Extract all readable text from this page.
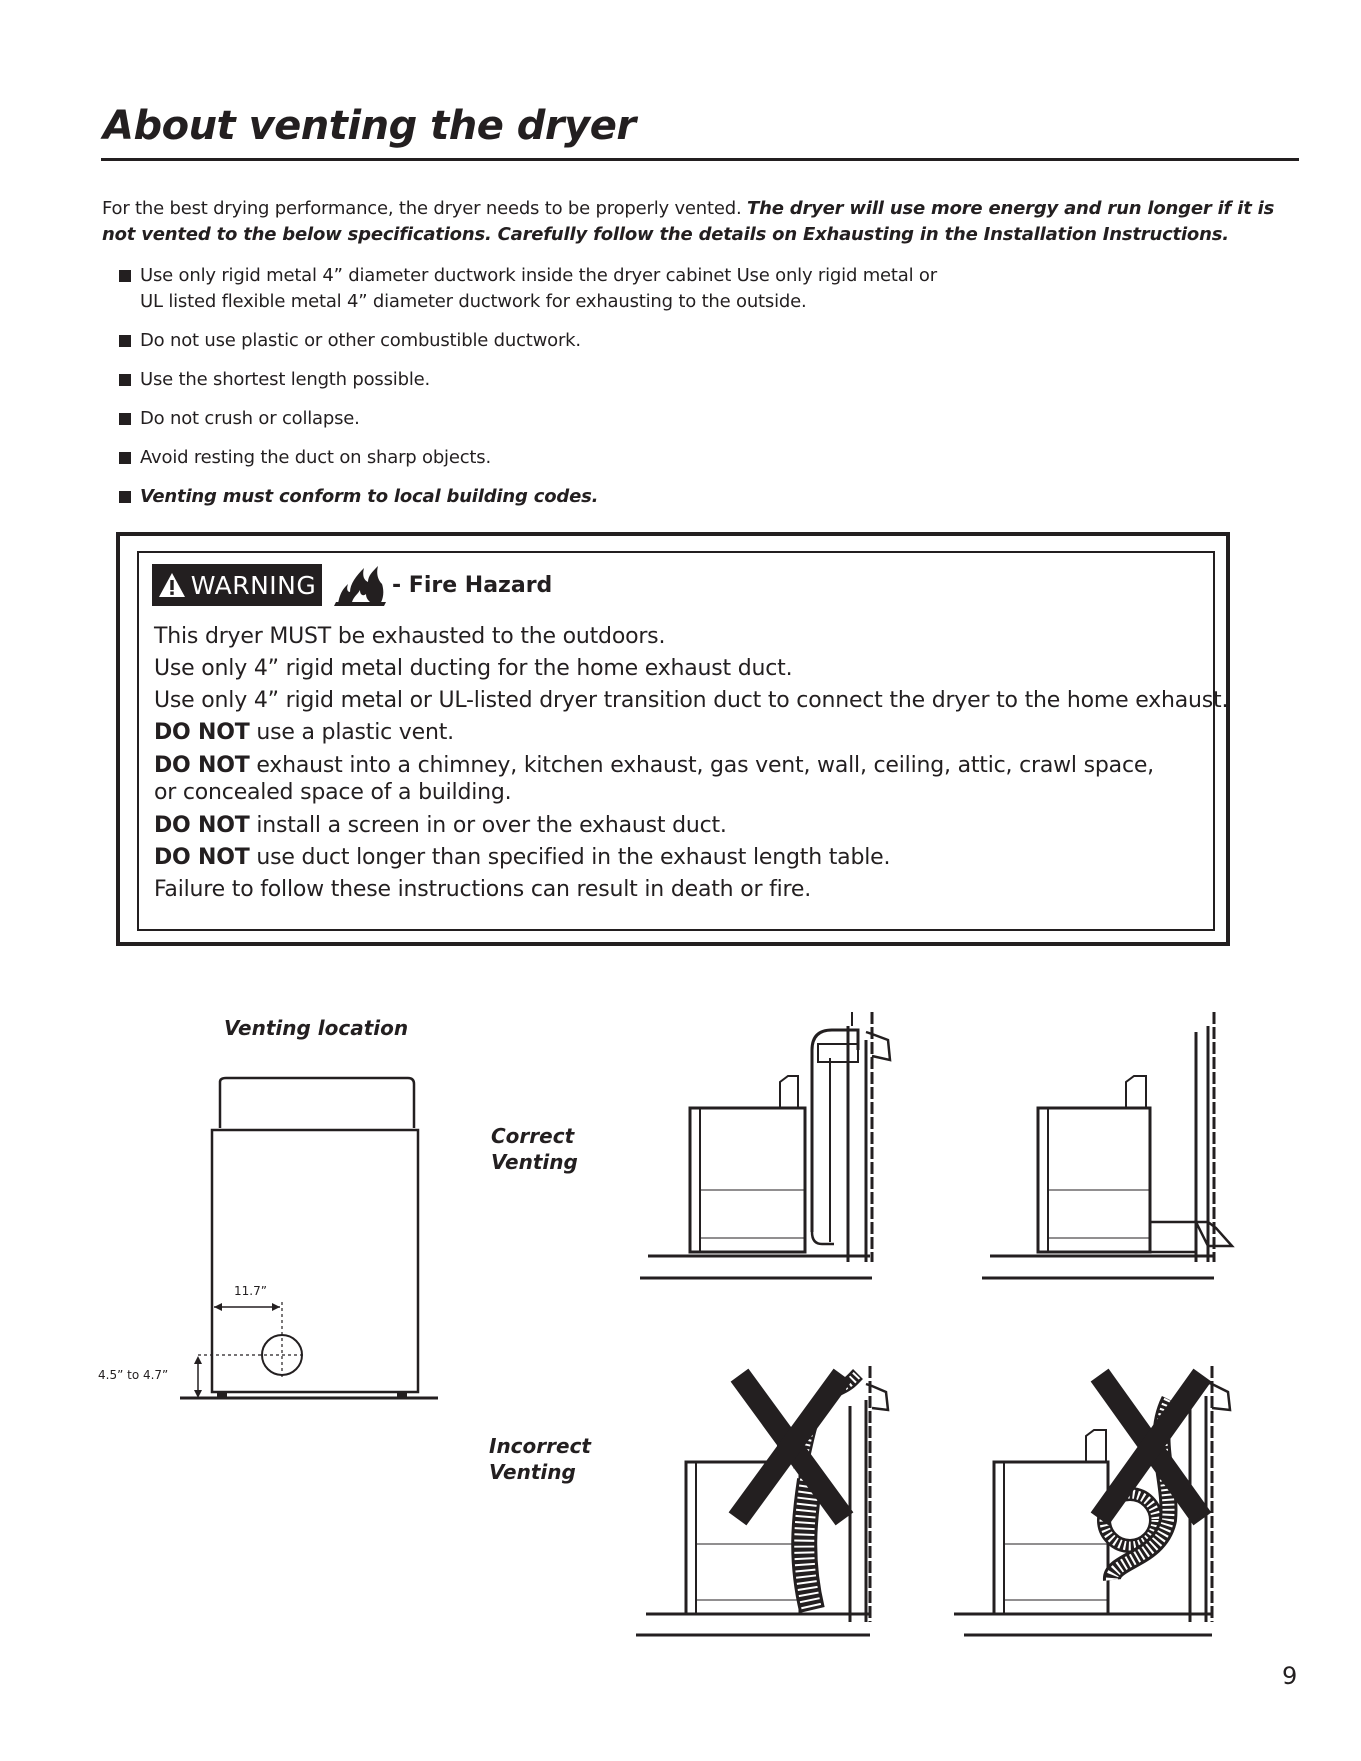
About venting the dryer
For the best drying performance, the dryer needs to be properly vented. The dryer will use more energy and run longer if it is not vented to the below specifications. Carefully follow the details on Exhausting in the Installation Instructions.
Use only rigid metal 4” diameter ductwork inside the dryer cabinet Use only rigid metal or
UL listed flexible metal 4” diameter ductwork for exhausting to the outside.
Do not use plastic or other combustible ductwork.
Use the shortest length possible.
Do not crush or collapse.
Avoid resting the duct on sharp objects.
Venting must conform to local building codes.
WARNING	- Fire Hazard
This dryer MUST be exhausted to the outdoors.
Use only 4” rigid metal ducting for the home exhaust duct.
Use only 4” rigid metal or UL-listed dryer transition duct to connect the dryer to the home exhaust.
DO NOT use a plastic vent.
DO NOT exhaust into a chimney, kitchen exhaust, gas vent, wall, ceiling, attic, crawl space, or concealed space of a building.
DO NOT install a screen in or over the exhaust duct.
DO NOT use duct longer than specified in the exhaust length table.
Failure to follow these instructions can result in death or fire.
Venting location
11.7”
4.5” to 4.7”
Correct
Venting
Incorrect
Venting
9
